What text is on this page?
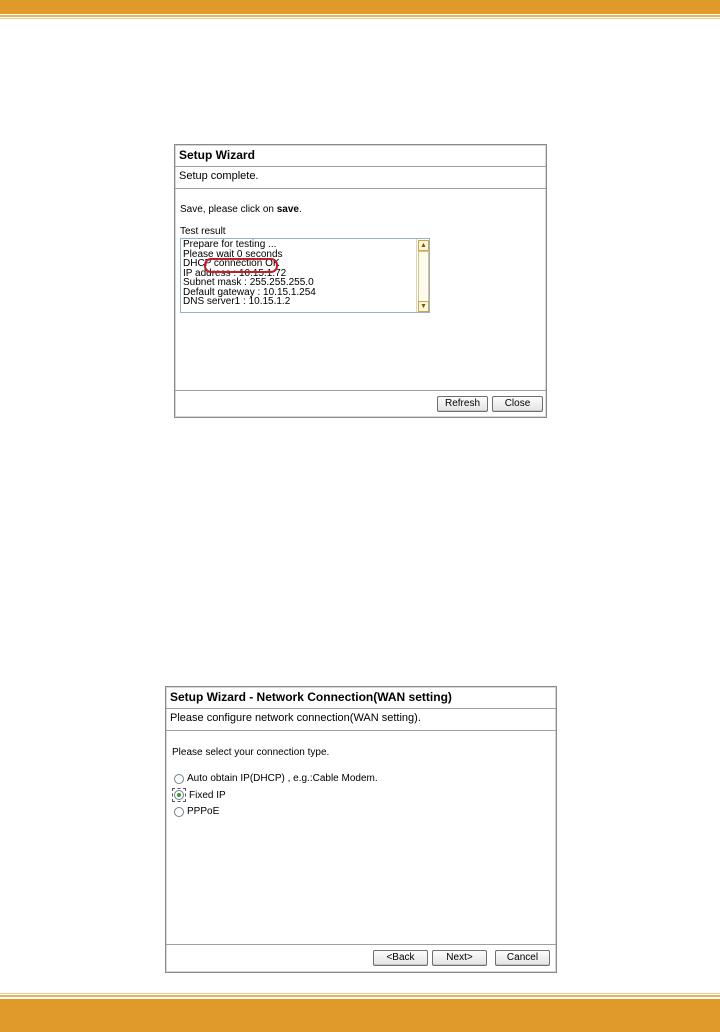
Setup Wizard
Setup complete.
Save, please click on save.
Test result
Prepare for testing ...
Please wait 0 seconds
DHCP connection OK
IP address : 10.15.1.72
Subnet mask : 255.255.255.0
Default gateway : 10.15.1.254
DNS server1 : 10.15.1.2
▲
▼
Refresh	Close
Setup Wizard - Network Connection(WAN setting)
Please configure network connection(WAN setting).
Please select your connection type.
Auto obtain IP(DHCP) , e.g.:Cable Modem.
Fixed IP
PPPoE
<Back	Next>	Cancel
